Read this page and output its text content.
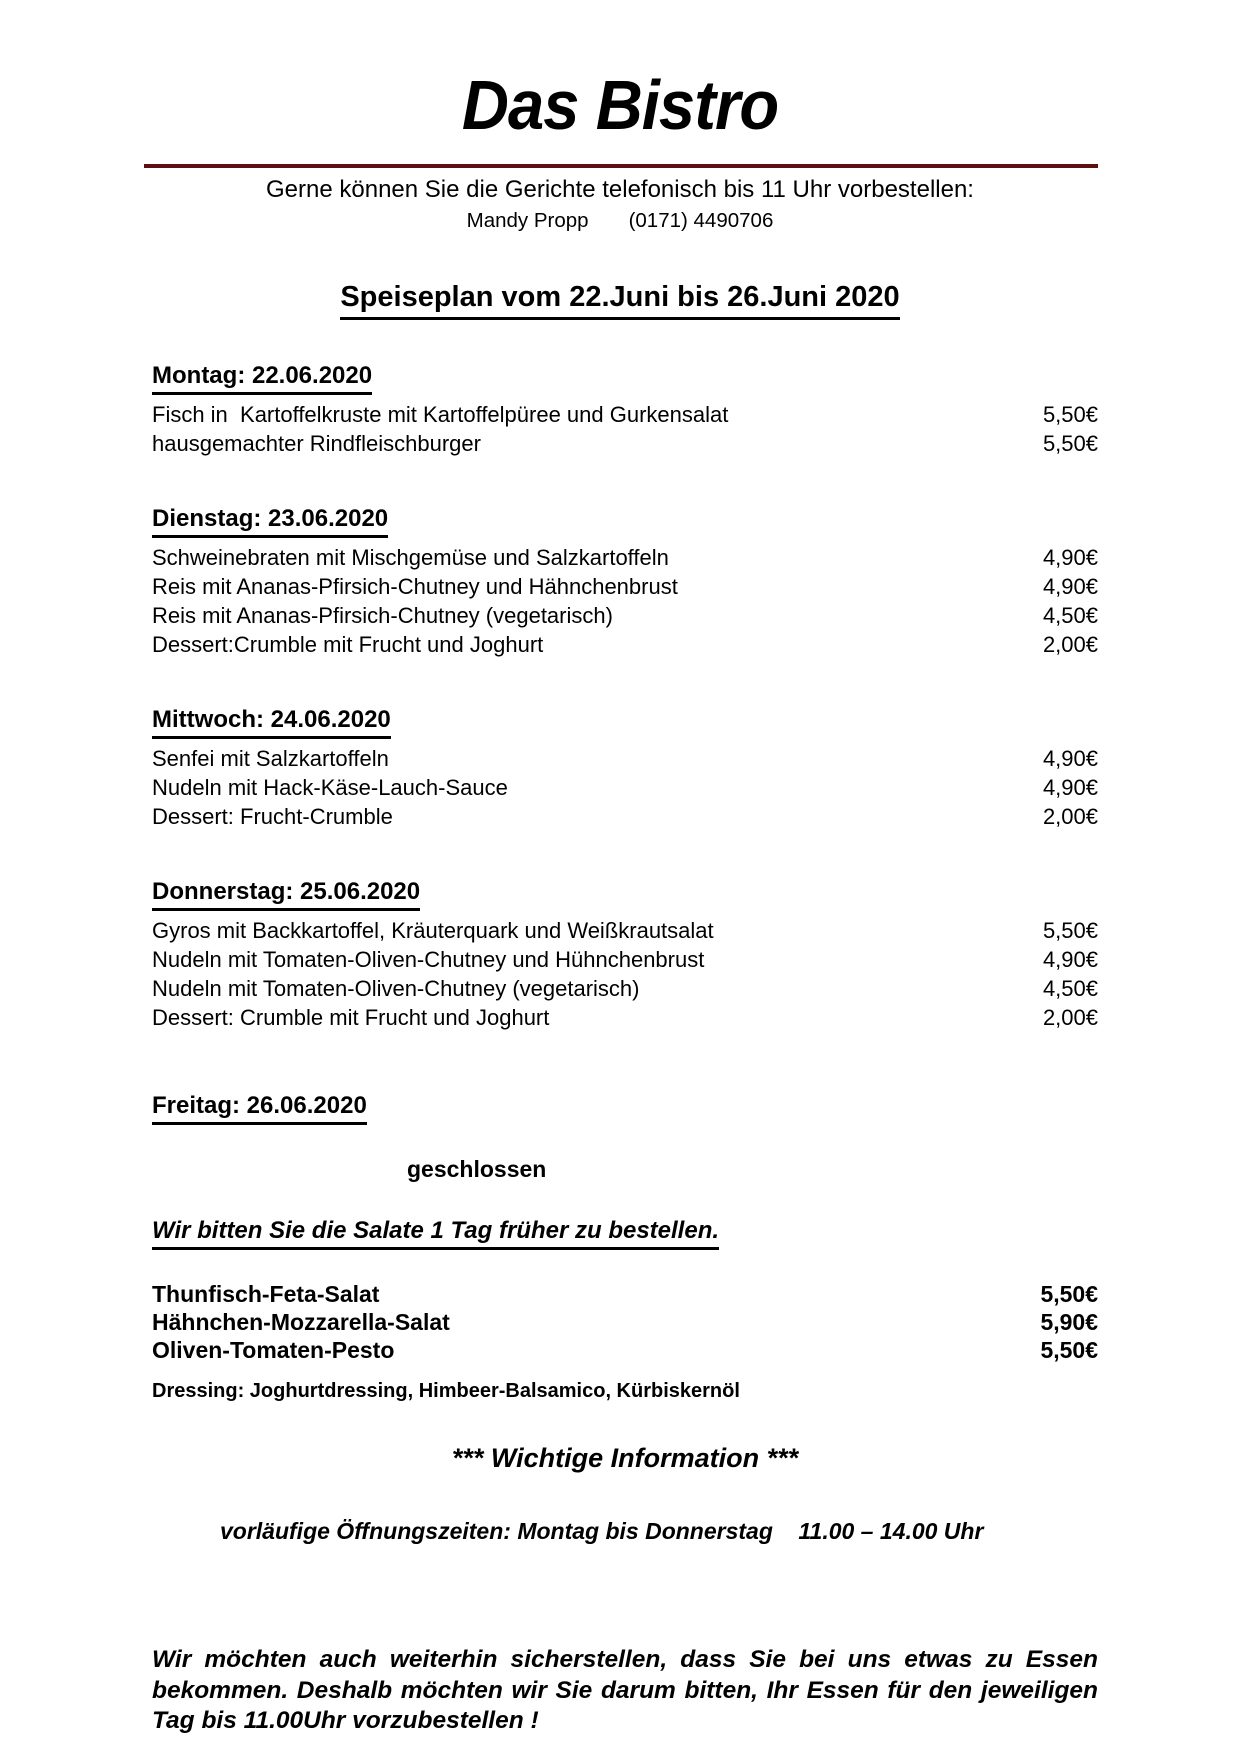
Das Bistro
Gerne können Sie die Gerichte telefonisch bis 11 Uhr vorbestellen:
Mandy Propp (0171) 4490706
Speiseplan vom 22.Juni bis 26.Juni 2020
Montag: 22.06.2020
Fisch in  Kartoffelkruste mit Kartoffelpüree und Gurkensalat	5,50€
hausgemachter Rindfleischburger	5,50€
Dienstag: 23.06.2020
Schweinebraten mit Mischgemüse und Salzkartoffeln	4,90€
Reis mit Ananas-Pfirsich-Chutney und Hähnchenbrust	4,90€
Reis mit Ananas-Pfirsich-Chutney (vegetarisch)	4,50€
Dessert:Crumble mit Frucht und Joghurt	2,00€
Mittwoch: 24.06.2020
Senfei mit Salzkartoffeln	4,90€
Nudeln mit Hack-Käse-Lauch-Sauce	4,90€
Dessert: Frucht-Crumble	2,00€
Donnerstag: 25.06.2020
Gyros mit Backkartoffel, Kräuterquark und Weißkrautsalat	5,50€
Nudeln mit Tomaten-Oliven-Chutney und Hühnchenbrust	4,90€
Nudeln mit Tomaten-Oliven-Chutney (vegetarisch)	4,50€
Dessert: Crumble mit Frucht und Joghurt	2,00€
Freitag: 26.06.2020
geschlossen
Wir bitten Sie die Salate 1 Tag früher zu bestellen.
Thunfisch-Feta-Salat	5,50€
Hähnchen-Mozzarella-Salat	5,90€
Oliven-Tomaten-Pesto	5,50€
Dressing: Joghurtdressing, Himbeer-Balsamico, Kürbiskernöl
*** Wichtige Information ***
vorläufige Öffnungszeiten: Montag bis Donnerstag    11.00 – 14.00 Uhr
Wir möchten auch weiterhin sicherstellen, dass Sie bei uns etwas zu Essen bekommen. Deshalb möchten wir Sie darum bitten, Ihr Essen für den jeweiligen Tag bis 11.00Uhr vorzubestellen !
